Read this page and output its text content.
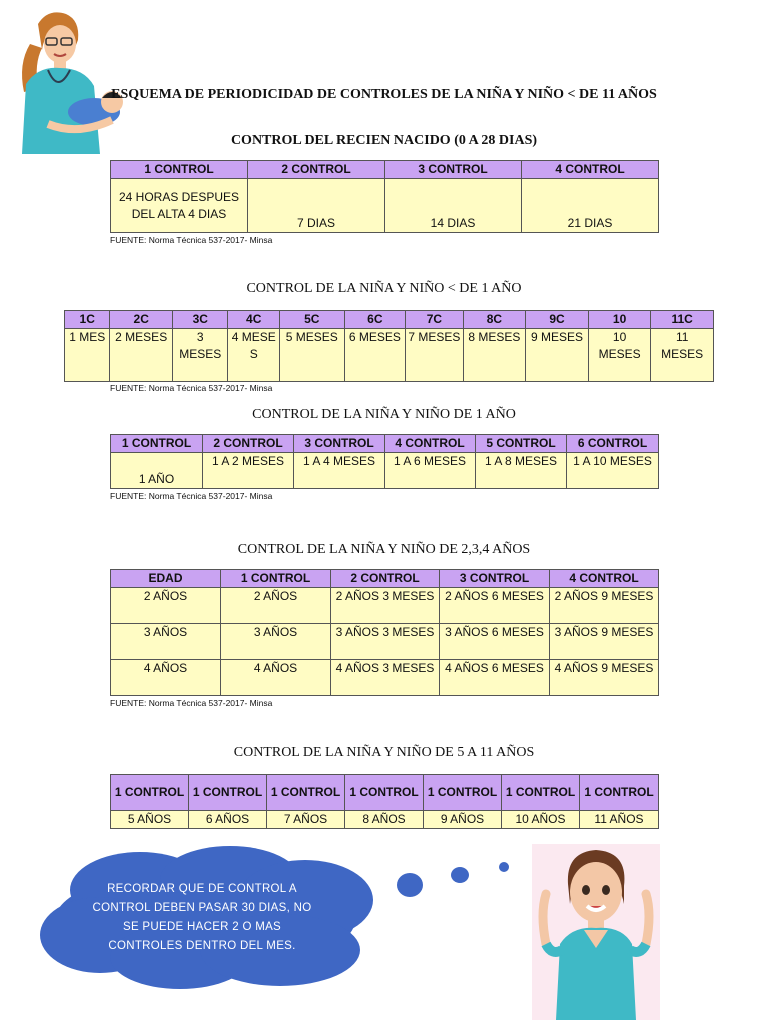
ESQUEMA DE PERIODICIDAD DE CONTROLES DE LA NIÑA Y NIÑO < DE 11 AÑOS
CONTROL DEL RECIEN NACIDO (0 A 28 DIAS)
1 CONTROL	2 CONTROL	3 CONTROL	4 CONTROL
24 HORAS DESPUES DEL ALTA 4 DIAS	7 DIAS	14 DIAS	21 DIAS
FUENTE: Norma Técnica 537-2017- Minsa
CONTROL DE LA NIÑA Y NIÑO < DE 1 AÑO
1C	2C	3C	4C	5C	6C	7C	8C	9C	10	11C
1 MES	2 MESES	3 MESES	4 MESES	5 MESES	6 MESES	7 MESES	8 MESES	9 MESES	10 MESES	11 MESES
FUENTE: Norma Técnica 537-2017- Minsa
CONTROL DE LA NIÑA Y NIÑO DE 1 AÑO
1 CONTROL	2 CONTROL	3 CONTROL	4 CONTROL	5 CONTROL	6 CONTROL
1 AÑO	1 A 2 MESES	1 A 4 MESES	1 A 6 MESES	1 A 8 MESES	1 A 10 MESES
FUENTE: Norma Técnica 537-2017- Minsa
CONTROL DE LA NIÑA Y NIÑO DE 2,3,4 AÑOS
EDAD	1 CONTROL	2 CONTROL	3 CONTROL	4 CONTROL
2 AÑOS	2 AÑOS	2 AÑOS 3 MESES	2 AÑOS 6 MESES	2 AÑOS 9 MESES
3 AÑOS	3 AÑOS	3 AÑOS 3 MESES	3 AÑOS 6 MESES	3 AÑOS 9 MESES
4 AÑOS	4 AÑOS	4 AÑOS 3 MESES	4 AÑOS 6 MESES	4 AÑOS 9 MESES
FUENTE: Norma Técnica 537-2017- Minsa
CONTROL DE LA NIÑA Y NIÑO DE 5 A 11 AÑOS
1 CONTROL	1 CONTROL	1 CONTROL	1 CONTROL	1 CONTROL	1 CONTROL	1 CONTROL
5 AÑOS	6 AÑOS	7 AÑOS	8 AÑOS	9 AÑOS	10 AÑOS	11 AÑOS
RECORDAR QUE DE CONTROL A CONTROL DEBEN PASAR 30 DIAS, NO SE PUEDE HACER 2 O MAS CONTROLES DENTRO DEL MES.
